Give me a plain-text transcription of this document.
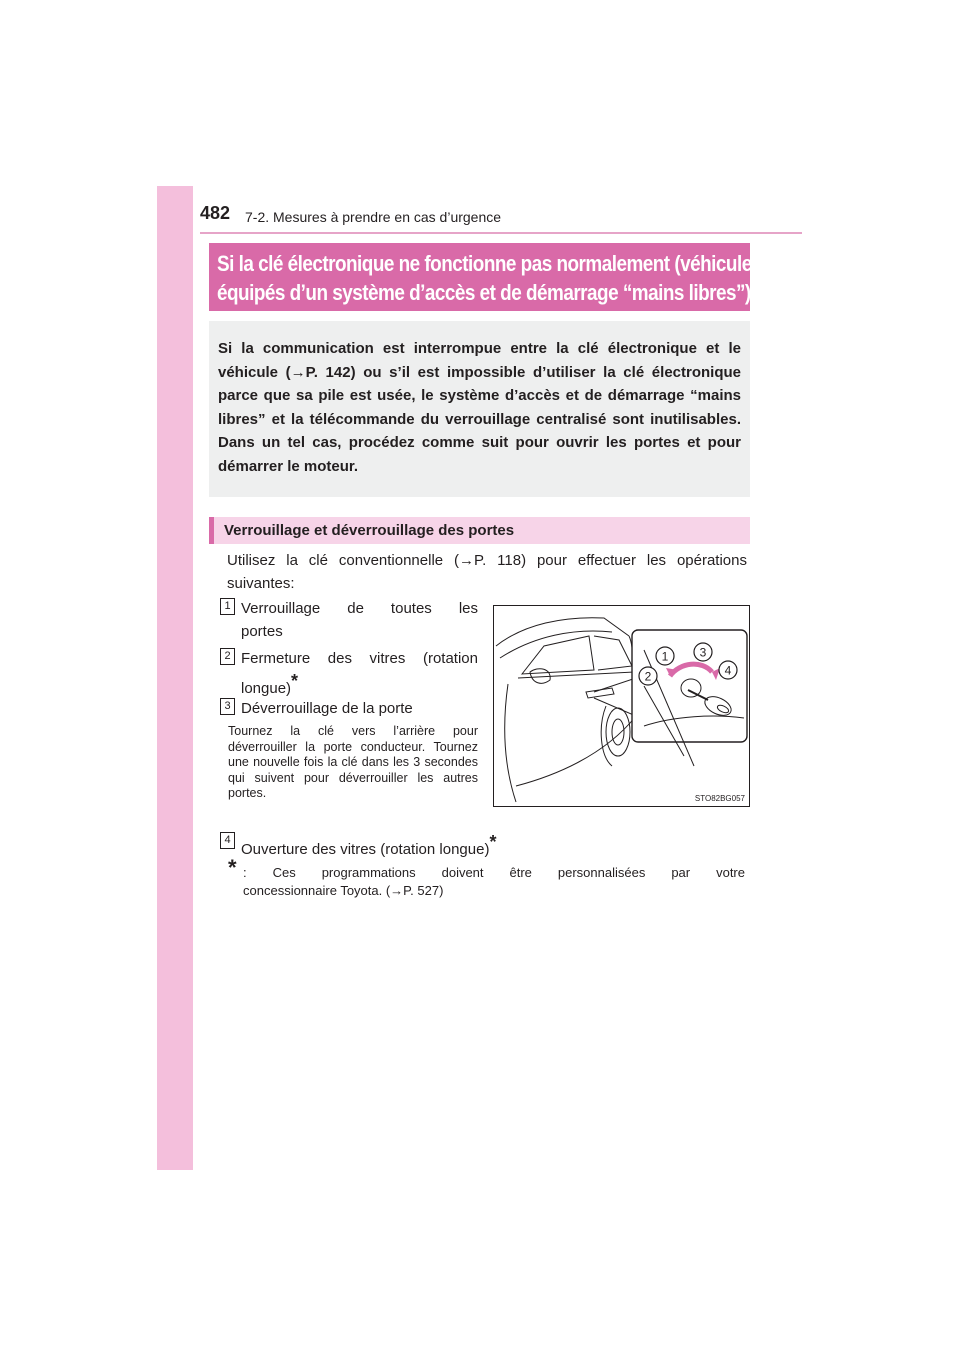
482 7-2. Mesures à prendre en cas d’urgence
Si la clé électronique ne fonctionne pas normalement (véhicules
équipés d’un système d’accès et de démarrage “mains libres”)

Si la communication est interrompue entre la clé électronique et le véhicule (→P. 142) ou s’il est impossible d’utiliser la clé électronique parce que sa pile est usée, le système d’accès et de démarrage “mains libres” et la télécommande du verrouillage centralisé sont inutilisables. Dans un tel cas, procédez comme suit pour ouvrir les portes et pour démarrer le moteur.

Verrouillage et déverrouillage des portes
Utilisez la clé conventionnelle (→P. 118) pour effectuer les opérations suivantes:
1 Verrouillage de toutes les
portes
2 Fermeture des vitres (rotation
longue)*
3 Déverrouillage de la porte

Tournez la clé vers l’arrière pour déverrouiller la porte conducteur. Tournez une nouvelle fois la clé dans les 3 secondes qui suivent pour déverrouiller les autres portes.

4
Ouverture des vitres (rotation longue)*
* : Ces programmations doivent être personnalisées par votre
concessionnaire Toyota. (→P. 527)
1
2
3
4
STO82BG057
